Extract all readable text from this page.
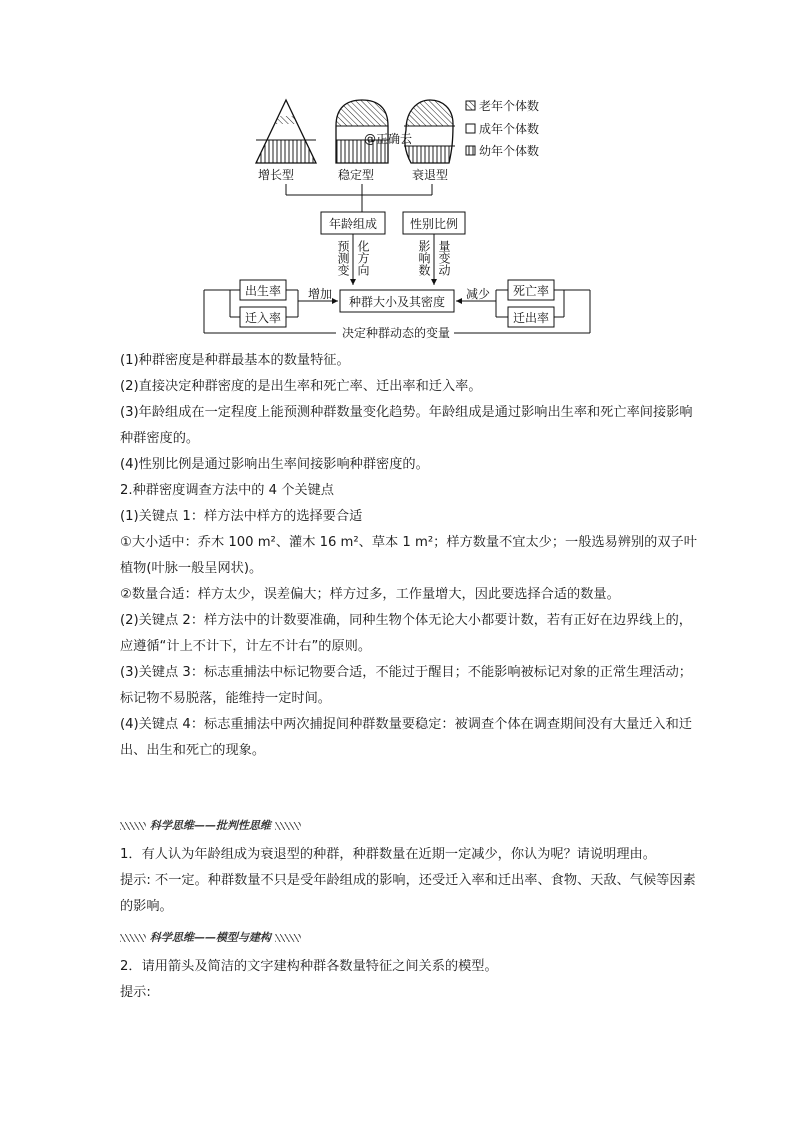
@正确云
增长型	稳定型	衰退型
老年个体数
成年个体数
幼年个体数
年龄组成	性别比例
预测变 化方向	影响数 量变动
种群大小及其密度
出生率
迁入率
死亡率
迁出率
增加	减少
决定种群动态的变量

(1)种群密度是种群最基本的数量特征。

(2)直接决定种群密度的是出生率和死亡率、迁出率和迁入率。

(3)年龄组成在一定程度上能预测种群数量变化趋势。年龄组成是通过影响出生率和死亡率间接影响种群密度的。

(4)性别比例是通过影响出生率间接影响种群密度的。

2.种群密度调查方法中的 4 个关键点

(1)关键点 1：样方法中样方的选择要合适

①大小适中：乔木 100 m²、灌木 16 m²、草本 1 m²；样方数量不宜太少；一般选易辨别的双子叶植物(叶脉一般呈网状)。

②数量合适：样方太少，误差偏大；样方过多，工作量增大，因此要选择合适的数量。

(2)关键点 2：样方法中的计数要准确，同种生物个体无论大小都要计数，若有正好在边界线上的，应遵循“计上不计下，计左不计右”的原则。

(3)关键点 3：标志重捕法中标记物要合适，不能过于醒目；不能影响被标记对象的正常生理活动；标记物不易脱落，能维持一定时间。

(4)关键点 4：标志重捕法中两次捕捉间种群数量要稳定：被调查个体在调查期间没有大量迁入和迁出、出生和死亡的现象。

科学思维——批判性思维

1．有人认为年龄组成为衰退型的种群，种群数量在近期一定减少，你认为呢？请说明理由。

提示: 不一定。种群数量不只是受年龄组成的影响，还受迁入率和迁出率、食物、天敌、气候等因素的影响。

科学思维——模型与建构

2．请用箭头及简洁的文字建构种群各数量特征之间关系的模型。

提示:
